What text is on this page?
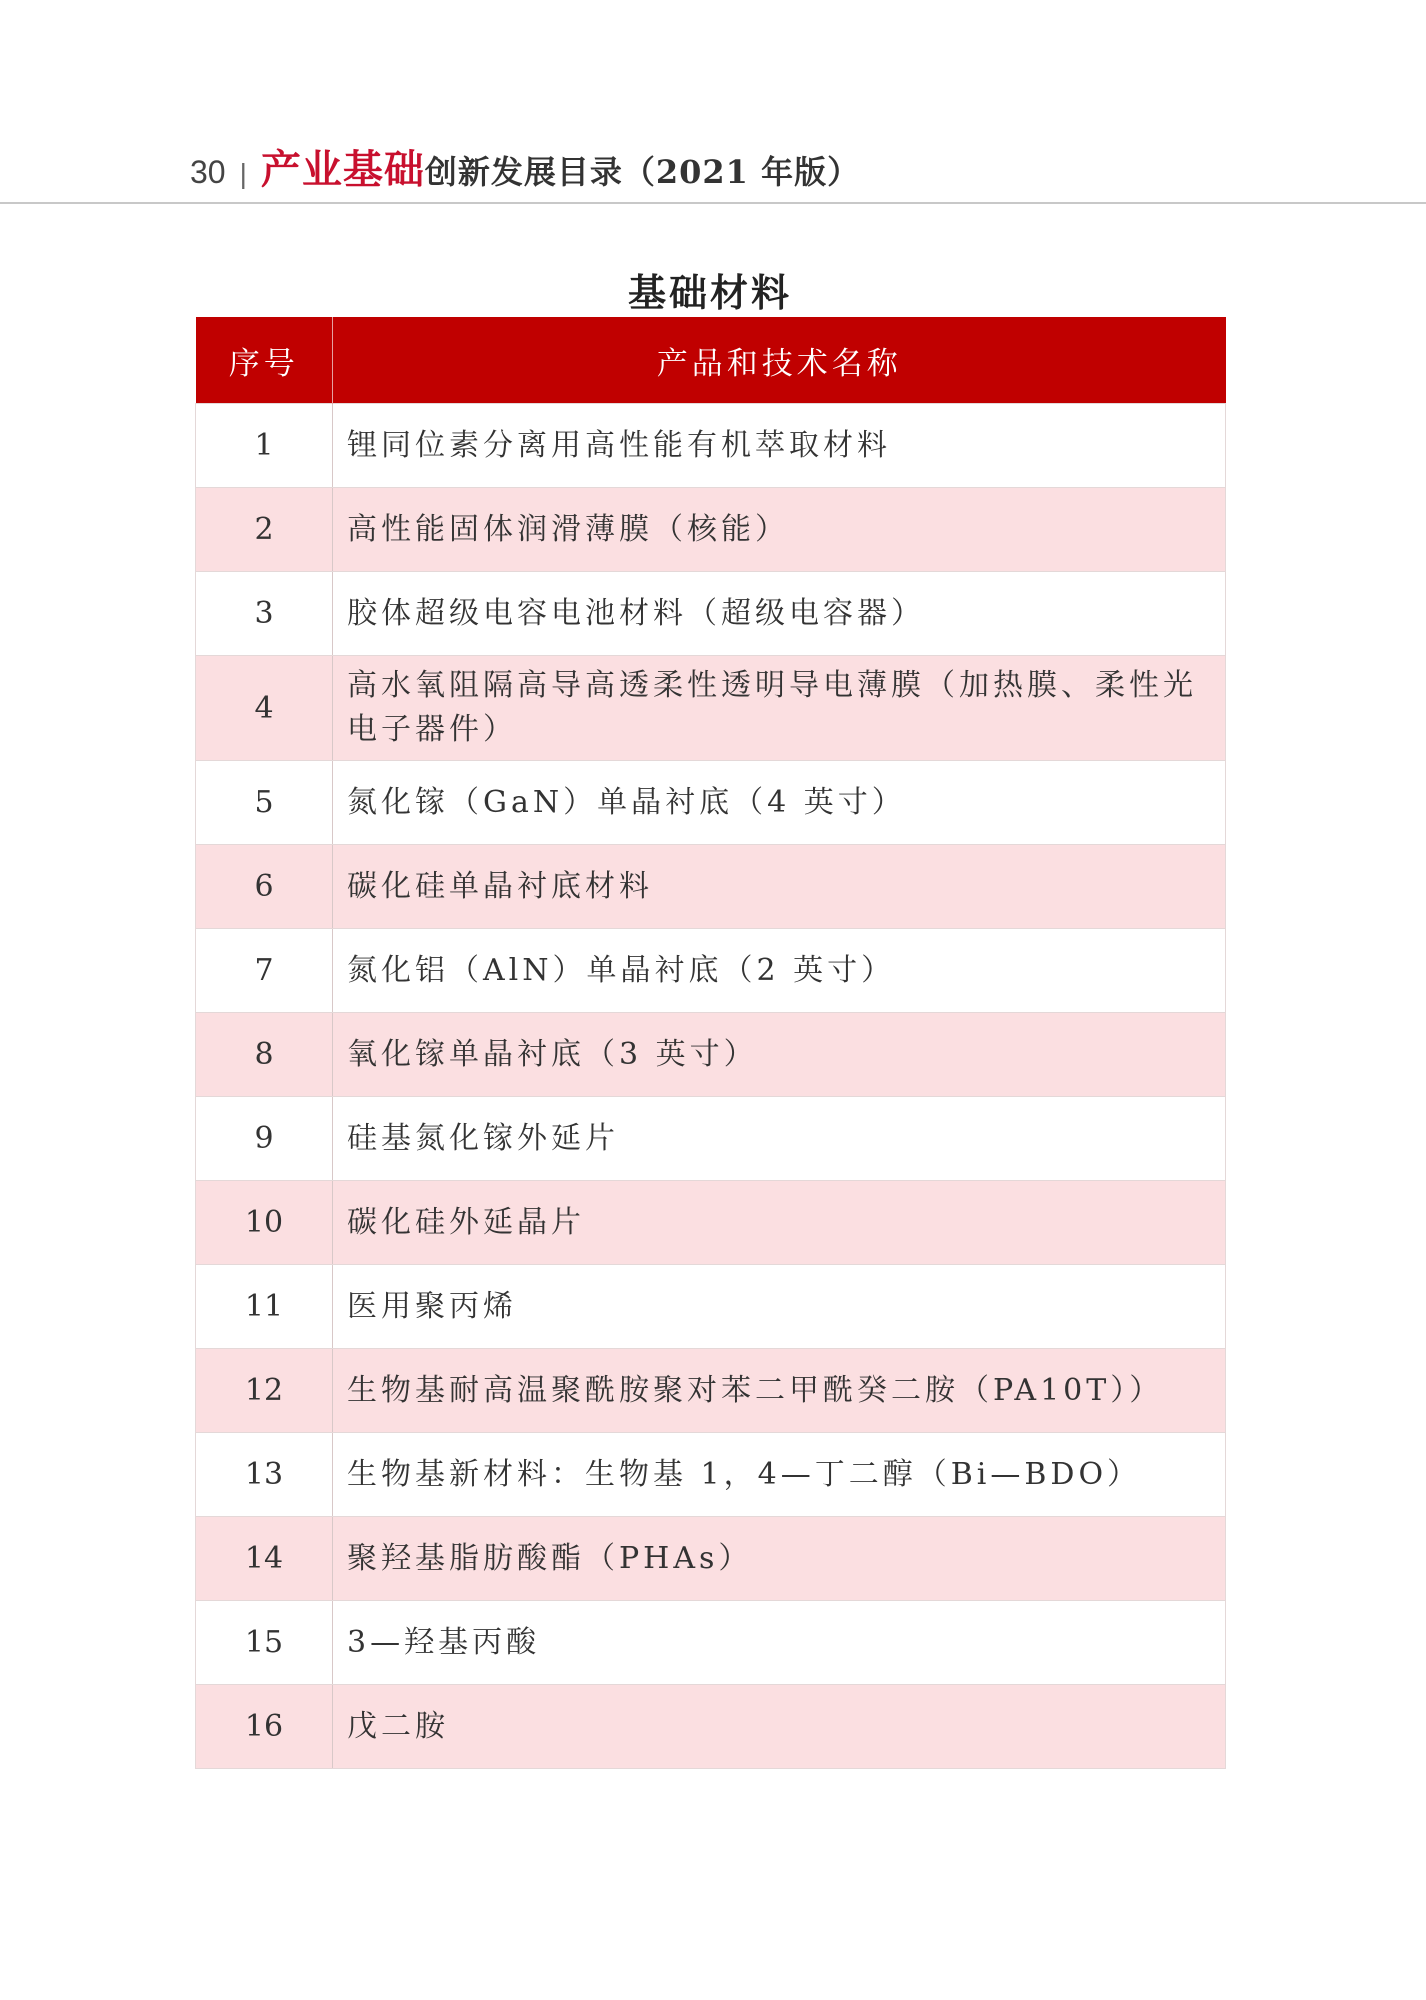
30 | 产业基础 创新发展目录（2021 年版）
基础材料
序号	产品和技术名称
1	锂同位素分离用高性能有机萃取材料
2	高性能固体润滑薄膜（核能）
3	胶体超级电容电池材料（超级电容器）
4	高水氧阻隔高导高透柔性透明导电薄膜（加热膜、柔性光电子器件）
5	氮化镓（GaN）单晶衬底（4 英寸）
6	碳化硅单晶衬底材料
7	氮化铝（AlN）单晶衬底（2 英寸）
8	氧化镓单晶衬底（3 英寸）
9	硅基氮化镓外延片
10	碳化硅外延晶片
11	医用聚丙烯
12	生物基耐高温聚酰胺聚对苯二甲酰癸二胺（PA10T））
13	生物基新材料：生物基 1，4—丁二醇（Bi—BDO）
14	聚羟基脂肪酸酯（PHAs）
15	3—羟基丙酸
16	戊二胺
